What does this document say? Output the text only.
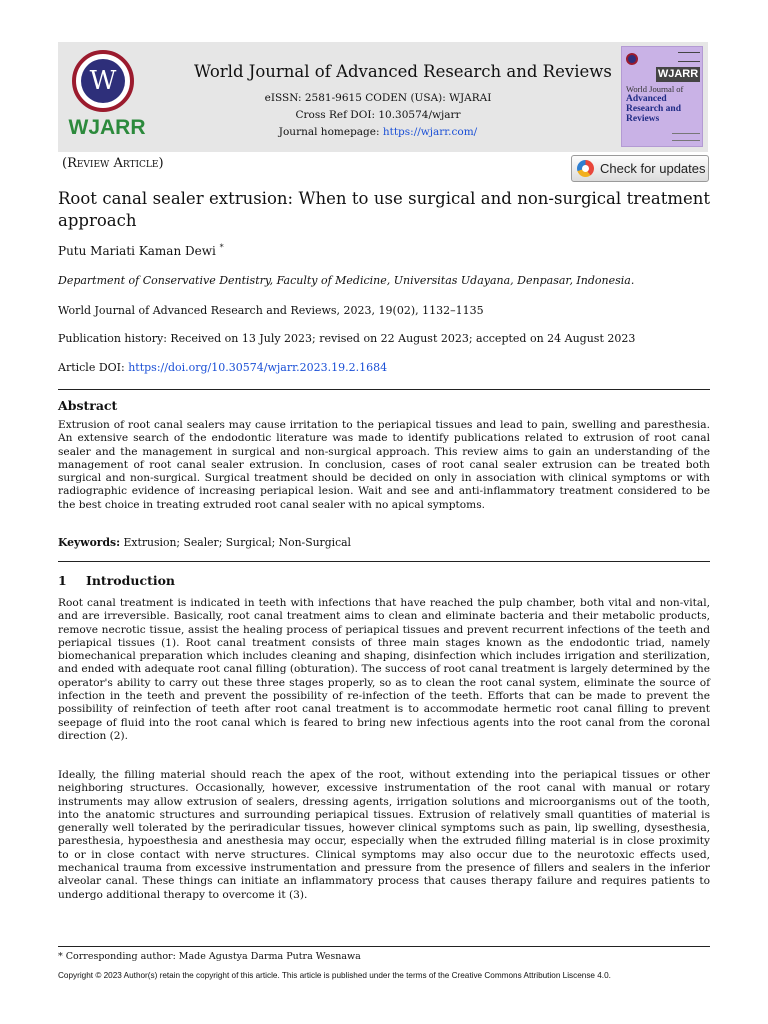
W
WJARR
World Journal of Advanced Research and Reviews
eISSN: 2581-9615 CODEN (USA): WJARAI
Cross Ref DOI: 10.30574/wjarr
Journal homepage: https://wjarr.com/
WJARR
World Journal of
Advanced Research and Reviews
(Review Article)	Check for updates
Root canal sealer extrusion: When to use surgical and non-surgical treatment approach
Putu Mariati Kaman Dewi *
Department of Conservative Dentistry, Faculty of Medicine, Universitas Udayana, Denpasar, Indonesia.
World Journal of Advanced Research and Reviews, 2023, 19(02), 1132–1135
Publication history: Received on 13 July 2023; revised on 22 August 2023; accepted on 24 August 2023
Article DOI: https://doi.org/10.30574/wjarr.2023.19.2.1684
Abstract

Extrusion of root canal sealers may cause irritation to the periapical tissues and lead to pain, swelling and paresthesia. An extensive search of the endodontic literature was made to identify publications related to extrusion of root canal sealer and the management in surgical and non-surgical approach. This review aims to gain an understanding of the management of root canal sealer extrusion. In conclusion, cases of root canal sealer extrusion can be treated both surgical and non-surgical. Surgical treatment should be decided on only in association with clinical symptoms or with radiographic evidence of increasing periapical lesion. Wait and see and anti-inflammatory treatment considered to be the best choice in treating extruded root canal sealer with no apical symptoms.

Keywords: Extrusion; Sealer; Surgical; Non-Surgical
1 Introduction

Root canal treatment is indicated in teeth with infections that have reached the pulp chamber, both vital and non-vital, and are irreversible. Basically, root canal treatment aims to clean and eliminate bacteria and their metabolic products, remove necrotic tissue, assist the healing process of periapical tissues and prevent recurrent infections of the teeth and periapical tissues (1). Root canal treatment consists of three main stages known as the endodontic triad, namely biomechanical preparation which includes cleaning and shaping, disinfection which includes irrigation and sterilization, and ended with adequate root canal filling (obturation). The success of root canal treatment is largely determined by the operator's ability to carry out these three stages properly, so as to clean the root canal system, eliminate the source of infection in the teeth and prevent the possibility of re-infection of the teeth. Efforts that can be made to prevent the possibility of reinfection of teeth after root canal treatment is to accommodate hermetic root canal filling to prevent seepage of fluid into the root canal which is feared to bring new infectious agents into the root canal from the coronal direction (2).

Ideally, the filling material should reach the apex of the root, without extending into the periapical tissues or other neighboring structures. Occasionally, however, excessive instrumentation of the root canal with manual or rotary instruments may allow extrusion of sealers, dressing agents, irrigation solutions and microorganisms out of the tooth, into the anatomic structures and surrounding periapical tissues. Extrusion of relatively small quantities of material is generally well tolerated by the periradicular tissues, however clinical symptoms such as pain, lip swelling, dysesthesia, paresthesia, hypoesthesia and anesthesia may occur, especially when the extruded filling material is in close proximity to or in close contact with nerve structures. Clinical symptoms may also occur due to the neurotoxic effects used, mechanical trauma from excessive instrumentation and pressure from the presence of fillers and sealers in the inferior alveolar canal. These things can initiate an inflammatory process that causes therapy failure and requires patients to undergo additional therapy to overcome it (3).

* Corresponding author: Made Agustya Darma Putra Wesnawa
Copyright © 2023 Author(s) retain the copyright of this article. This article is published under the terms of the Creative Commons Attribution Liscense 4.0.
